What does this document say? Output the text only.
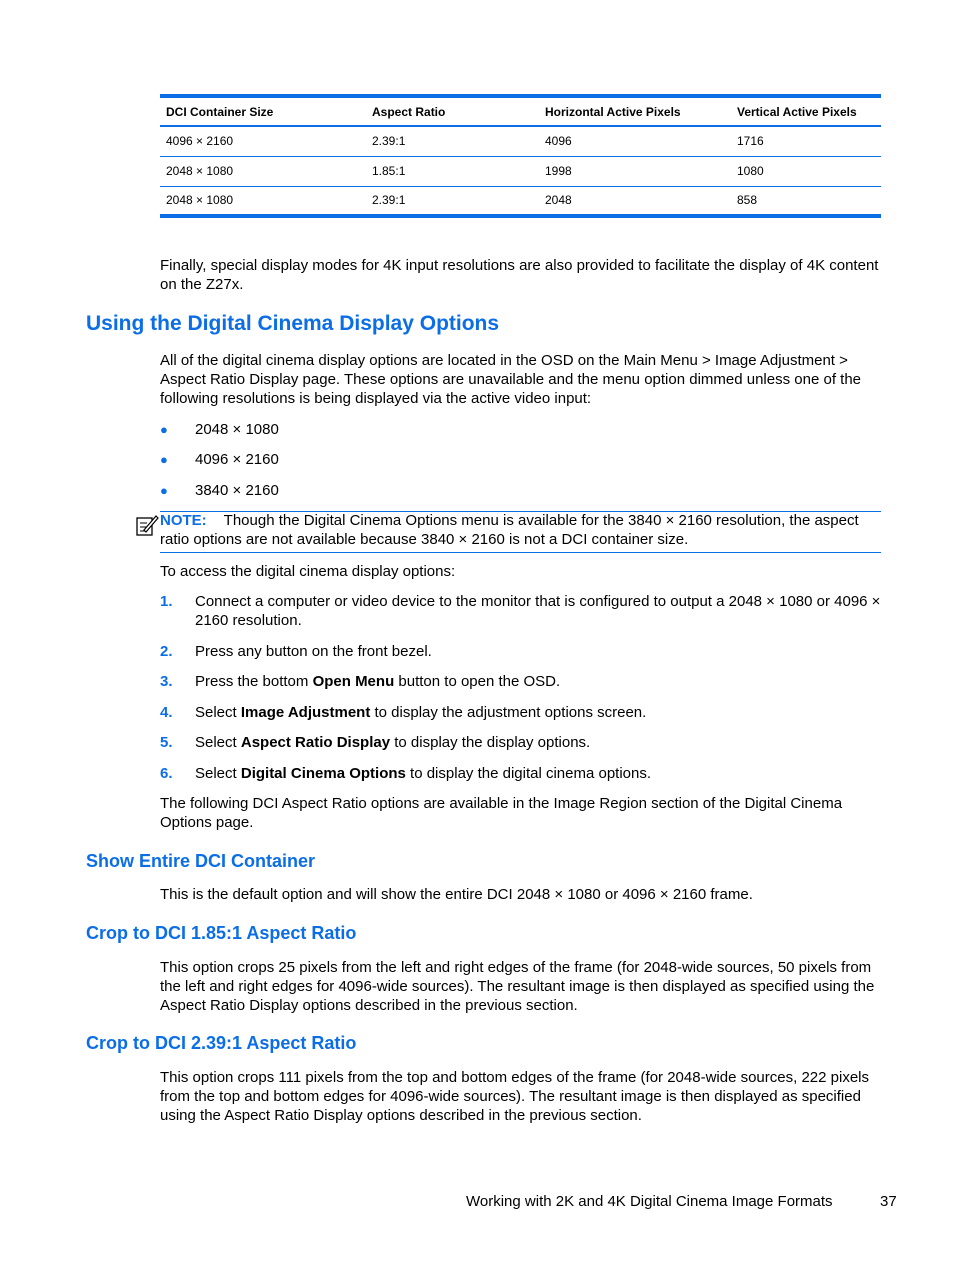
DCI Container Size	Aspect Ratio	Horizontal Active Pixels	Vertical Active Pixels
4096 × 2160	2.39:1	4096	1716
2048 × 1080	1.85:1	1998	1080
2048 × 1080	2.39:1	2048	858

Finally, special display modes for 4K input resolutions are also provided to facilitate the display of 4K content on the Z27x.

Using the Digital Cinema Display Options

All of the digital cinema display options are located in the OSD on the Main Menu > Image Adjustment > Aspect Ratio Display page. These options are unavailable and the menu option dimmed unless one of the following resolutions is being displayed via the active video input:

● 2048 × 1080
● 4096 × 2160
● 3840 × 2160
NOTE: Though the Digital Cinema Options menu is available for the 3840 × 2160 resolution, the aspect ratio options are not available because 3840 × 2160 is not a DCI container size.

To access the digital cinema display options:

1. Connect a computer or video device to the monitor that is configured to output a 2048 × 1080 or 4096 × 2160 resolution.
2. Press any button on the front bezel.
3. Press the bottom Open Menu button to open the OSD.
4. Select Image Adjustment to display the adjustment options screen.
5. Select Aspect Ratio Display to display the display options.
6. Select Digital Cinema Options to display the digital cinema options.

The following DCI Aspect Ratio options are available in the Image Region section of the Digital Cinema Options page.

Show Entire DCI Container

This is the default option and will show the entire DCI 2048 × 1080 or 4096 × 2160 frame.

Crop to DCI 1.85:1 Aspect Ratio

This option crops 25 pixels from the left and right edges of the frame (for 2048-wide sources, 50 pixels from the left and right edges for 4096-wide sources). The resultant image is then displayed as specified using the Aspect Ratio Display options described in the previous section.

Crop to DCI 2.39:1 Aspect Ratio

This option crops 111 pixels from the top and bottom edges of the frame (for 2048-wide sources, 222 pixels from the top and bottom edges for 4096-wide sources). The resultant image is then displayed as specified using the Aspect Ratio Display options described in the previous section.

Working with 2K and 4K Digital Cinema Image Formats	37
